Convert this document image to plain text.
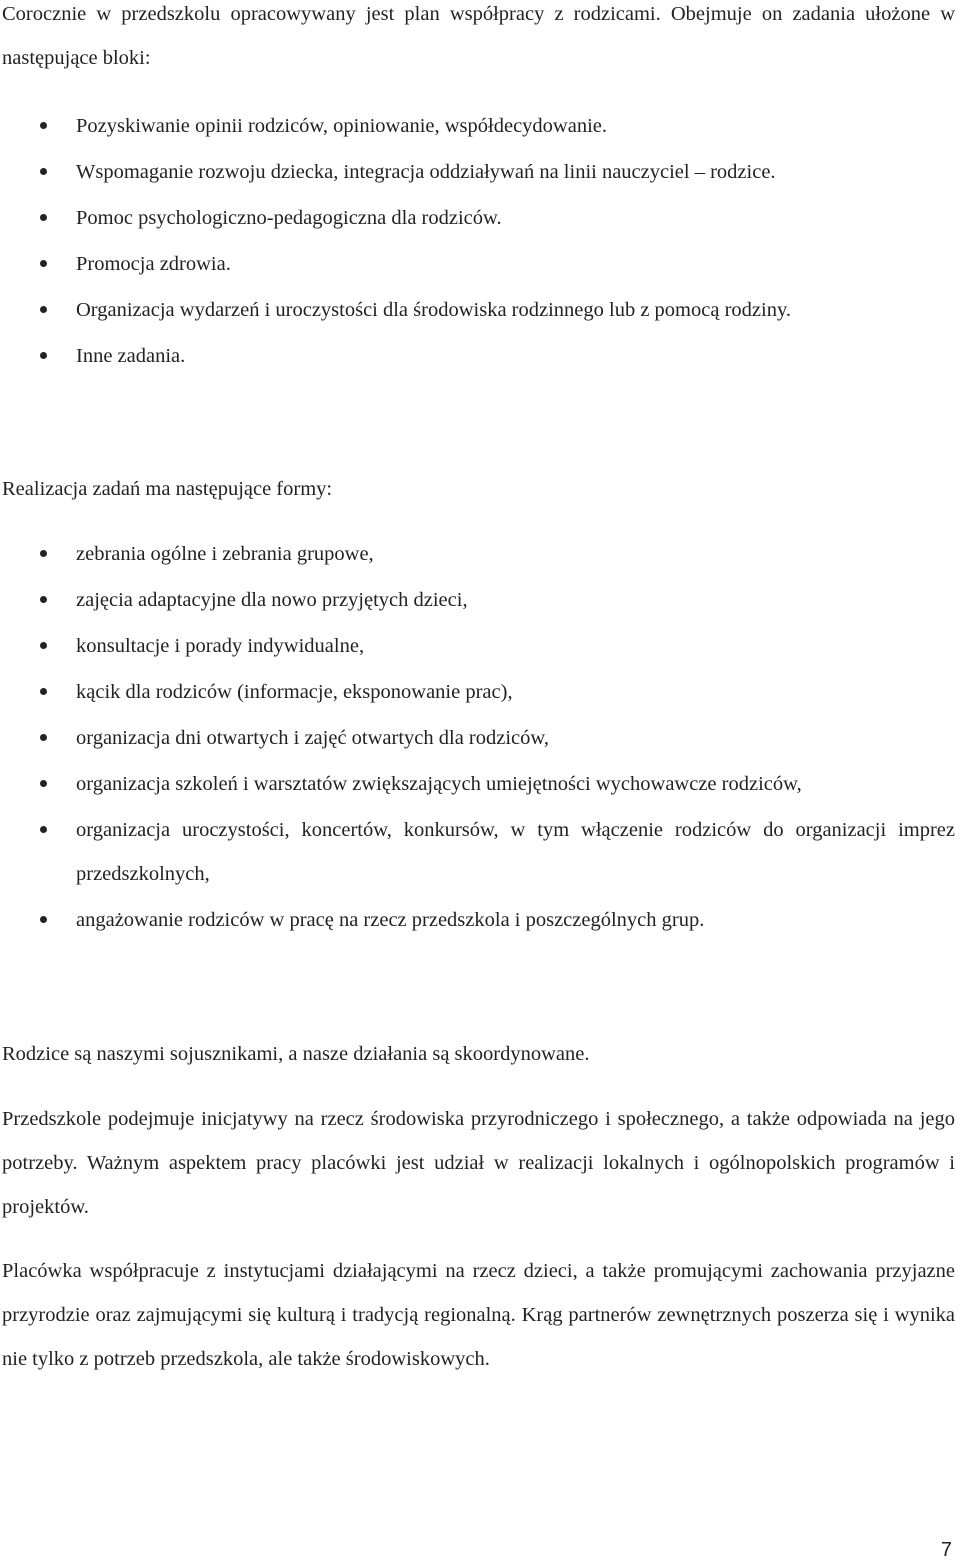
Corocznie w przedszkolu opracowywany jest plan współpracy z rodzicami. Obejmuje on zadania ułożone w następujące bloki:

Pozyskiwanie opinii rodziców, opiniowanie, współdecydowanie.
Wspomaganie rozwoju dziecka, integracja oddziaływań na linii nauczyciel – rodzice.
Pomoc psychologiczno-pedagogiczna dla rodziców.
Promocja zdrowia.
Organizacja wydarzeń i uroczystości dla środowiska rodzinnego lub z pomocą rodziny.
Inne zadania.

Realizacja zadań ma następujące formy:

zebrania ogólne i zebrania grupowe,
zajęcia adaptacyjne dla nowo przyjętych dzieci,
konsultacje i porady indywidualne,
kącik dla rodziców (informacje, eksponowanie prac),
organizacja dni otwartych i zajęć otwartych dla rodziców,
organizacja szkoleń i warsztatów zwiększających umiejętności wychowawcze rodziców,
organizacja uroczystości, koncertów, konkursów, w tym włączenie rodziców do organizacji imprez przedszkolnych,
angażowanie rodziców w pracę na rzecz przedszkola i poszczególnych grup.

Rodzice są naszymi sojusznikami, a nasze działania są skoordynowane.

Przedszkole podejmuje inicjatywy na rzecz środowiska przyrodniczego i społecznego, a także odpowiada na jego potrzeby. Ważnym aspektem pracy placówki jest udział w realizacji lokalnych i ogólnopolskich programów i projektów.

Placówka współpracuje z instytucjami działającymi na rzecz dzieci, a także promującymi zachowania przyjazne przyrodzie oraz zajmującymi się kulturą i tradycją regionalną. Krąg partnerów zewnętrznych poszerza się i wynika nie tylko z potrzeb przedszkola, ale także środowiskowych.

7
